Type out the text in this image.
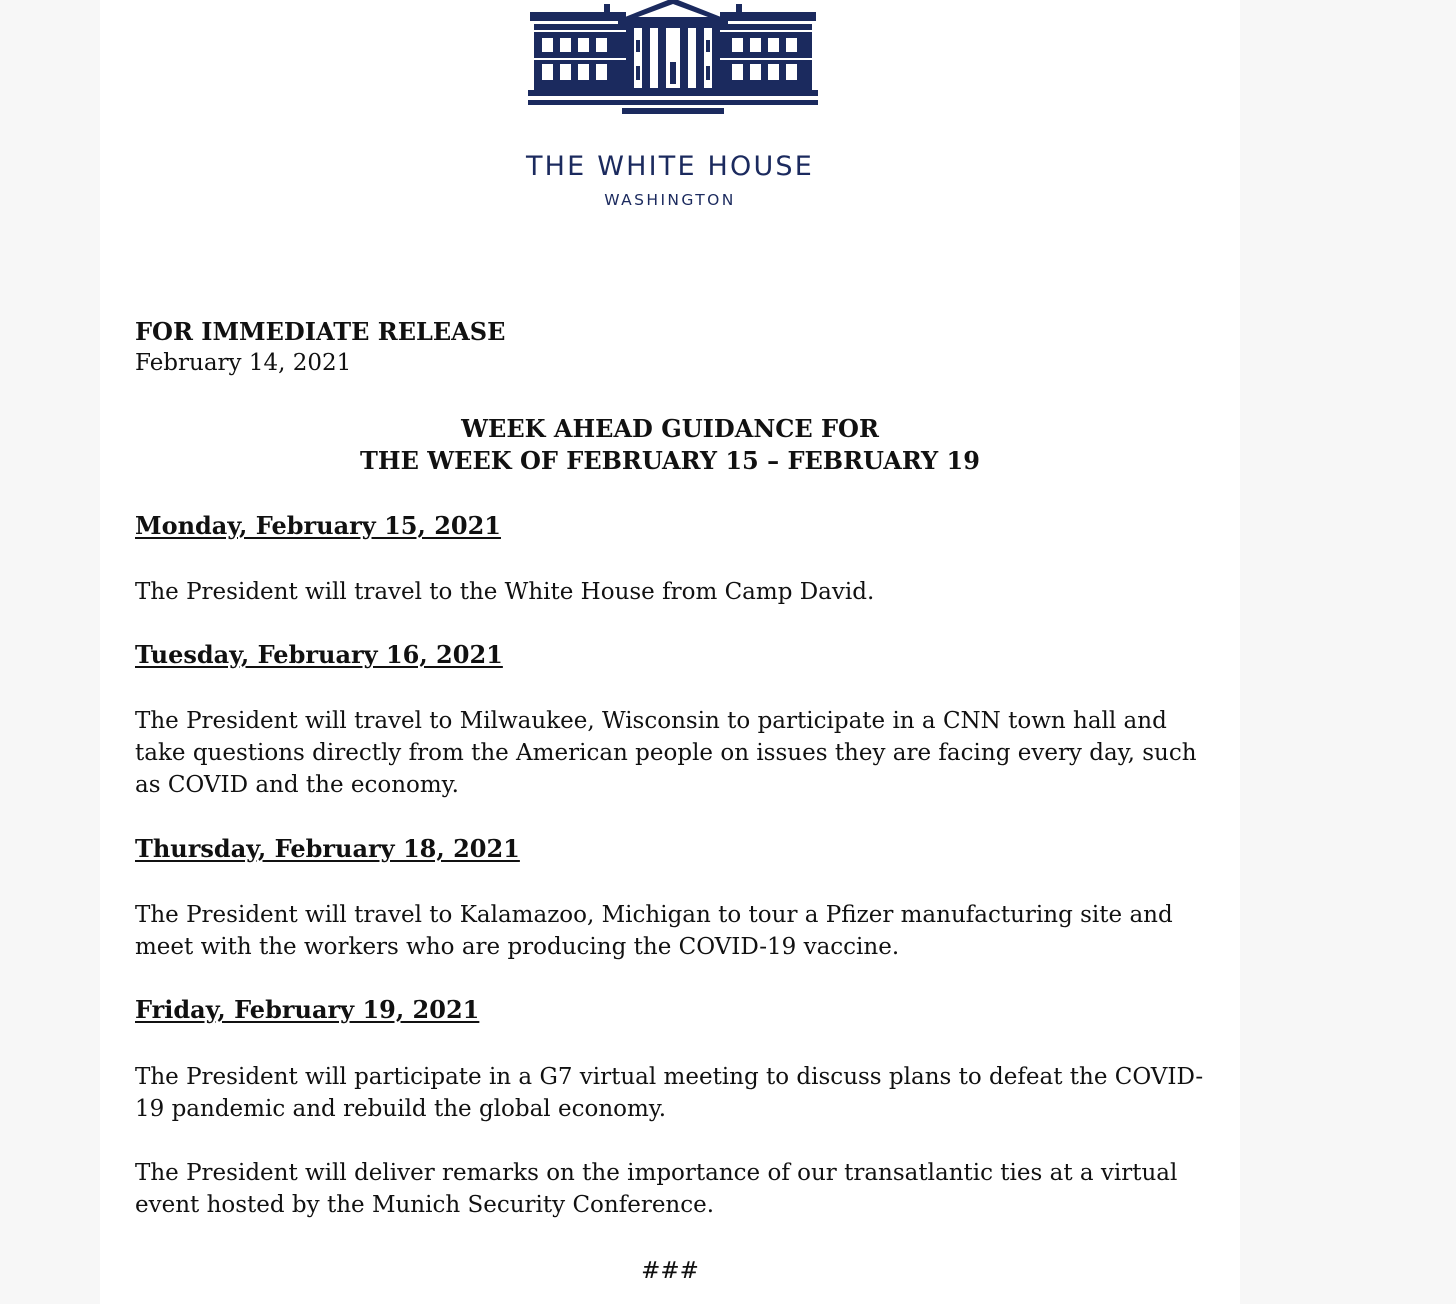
THE WHITE HOUSE
WASHINGTON
FOR IMMEDIATE RELEASE
February 14, 2021
WEEK AHEAD GUIDANCE FOR
THE WEEK OF FEBRUARY 15 – FEBRUARY 19
Monday, February 15, 2021

The President will travel to the White House from Camp David.

Tuesday, February 16, 2021

The President will travel to Milwaukee, Wisconsin to participate in a CNN town hall and take questions directly from the American people on issues they are facing every day, such as COVID and the economy.

Thursday, February 18, 2021

The President will travel to Kalamazoo, Michigan to tour a Pfizer manufacturing site and meet with the workers who are producing the COVID-19 vaccine.

Friday, February 19, 2021

The President will participate in a G7 virtual meeting to discuss plans to defeat the COVID-19 pandemic and rebuild the global economy.

The President will deliver remarks on the importance of our transatlantic ties at a virtual event hosted by the Munich Security Conference.

###
